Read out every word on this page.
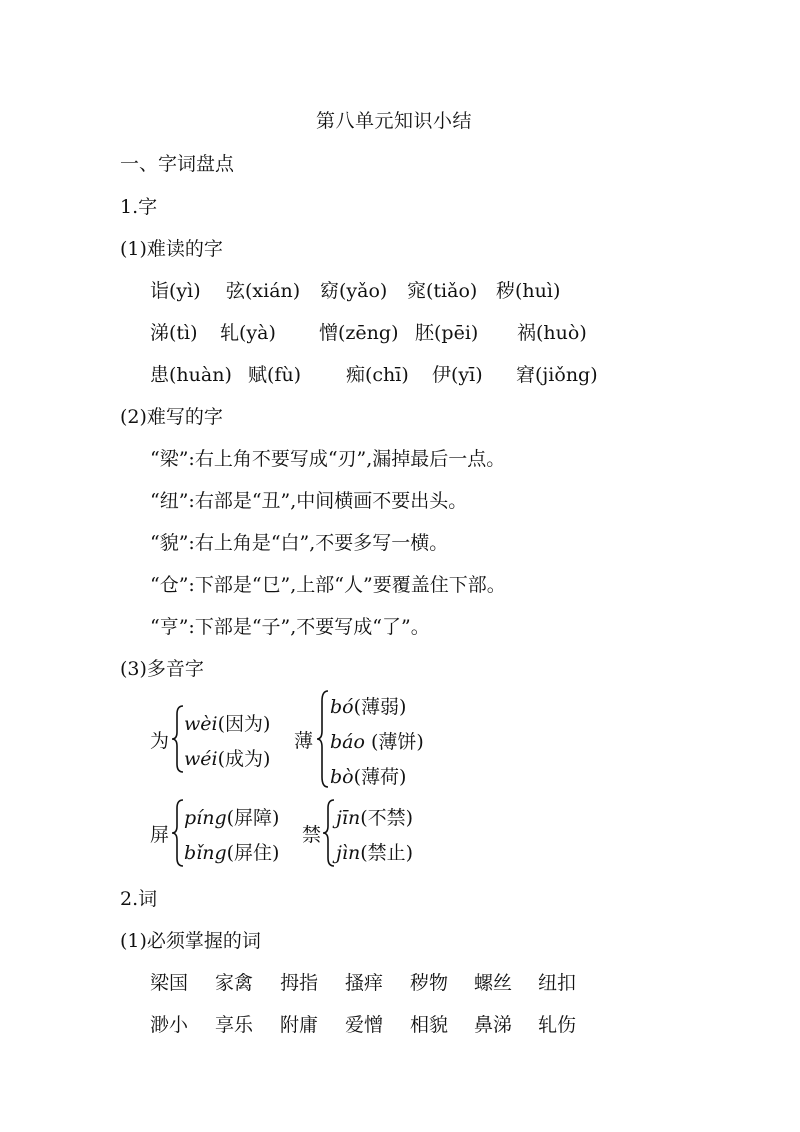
第八单元知识小结
一、字词盘点
1.字
(1)难读的字
诣(yì) 弦(xián) 窈(yǎo) 窕(tiǎo) 秽(huì)
涕(tì) 轧(yà) 憎(zēng) 胚(pēi) 祸(huò)
患(huàn) 赋(fù) 痴(chī) 伊(yī) 窘(jiǒng)
(2)难写的字
“梁”:右上角不要写成“刃”,漏掉最后一点。
“纽”:右部是“丑”,中间横画不要出头。
“貌”:右上角是“白”,不要多写一横。
“仓”:下部是“㔾”,上部“人”要覆盖住下部。
“亨”:下部是“子”,不要写成“了”。
(3)多音字
为
wèi(因为)
wéi(成为)
薄
bó(薄弱)
báo (薄饼)
bò(薄荷)
屏
píng(屏障)
bǐng(屏住)
禁
jīn(不禁)
jìn(禁止)
2.词
(1)必须掌握的词
梁国 家禽 拇指 搔痒 秽物 螺丝 纽扣
渺小 享乐 附庸 爱憎 相貌 鼻涕 轧伤
